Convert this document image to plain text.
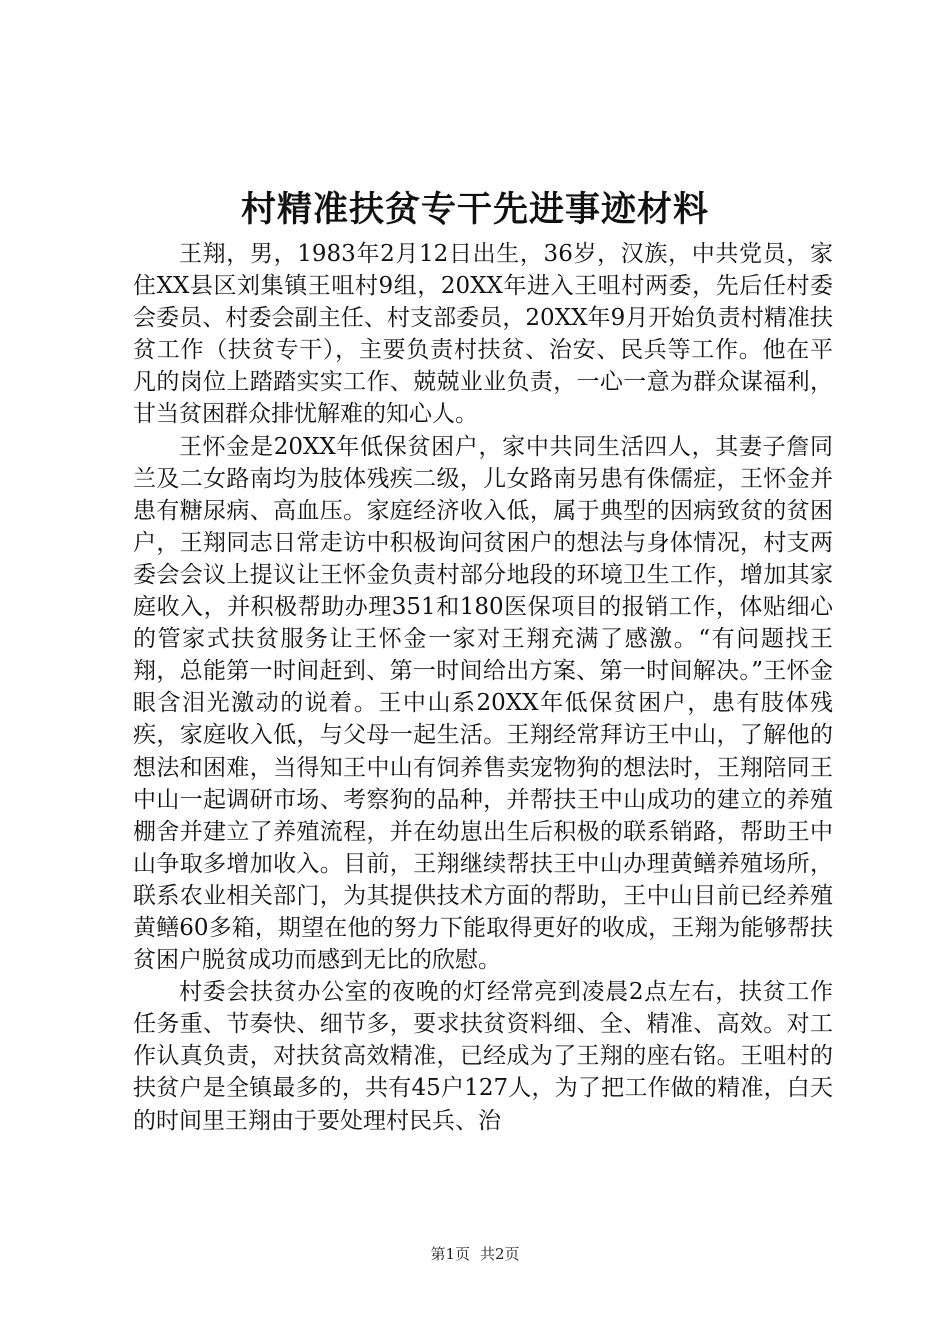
村精准扶贫专干先进事迹材料

王翔，男，1983年2月12日出生，36岁，汉族，中共党员，家住XX县区刘集镇王咀村9组，20XX年进入王咀村两委，先后任村委会委员、村委会副主任、村支部委员，20XX年9月开始负责村精准扶贫工作（扶贫专干），主要负责村扶贫、治安、民兵等工作。他在平凡的岗位上踏踏实实工作、兢兢业业负责，一心一意为群众谋福利，甘当贫困群众排忧解难的知心人。

王怀金是20XX年低保贫困户，家中共同生活四人，其妻子詹同兰及二女路南均为肢体残疾二级，儿女路南另患有侏儒症，王怀金并患有糖尿病、高血压。家庭经济收入低，属于典型的因病致贫的贫困户，王翔同志日常走访中积极询问贫困户的想法与身体情况，村支两委会会议上提议让王怀金负责村部分地段的环境卫生工作，增加其家庭收入，并积极帮助办理351和180医保项目的报销工作，体贴细心的管家式扶贫服务让王怀金一家对王翔充满了感激。“有问题找王翔，总能第一时间赶到、第一时间给出方案、第一时间解决。”王怀金眼含泪光激动的说着。王中山系20XX年低保贫困户，患有肢体残疾，家庭收入低，与父母一起生活。王翔经常拜访王中山，了解他的想法和困难，当得知王中山有饲养售卖宠物狗的想法时，王翔陪同王中山一起调研市场、考察狗的品种，并帮扶王中山成功的建立的养殖棚舍并建立了养殖流程，并在幼崽出生后积极的联系销路，帮助王中山争取多增加收入。目前，王翔继续帮扶王中山办理黄鳝养殖场所，联系农业相关部门，为其提供技术方面的帮助，王中山目前已经养殖黄鳝60多箱，期望在他的努力下能取得更好的收成，王翔为能够帮扶贫困户脱贫成功而感到无比的欣慰。

村委会扶贫办公室的夜晚的灯经常亮到凌晨2点左右，扶贫工作任务重、节奏快、细节多，要求扶贫资料细、全、精准、高效。对工作认真负责，对扶贫高效精准，已经成为了王翔的座右铭。王咀村的扶贫户是全镇最多的，共有45户127人，为了把工作做的精准，白天的时间里王翔由于要处理村民兵、治

第1页 共2页
